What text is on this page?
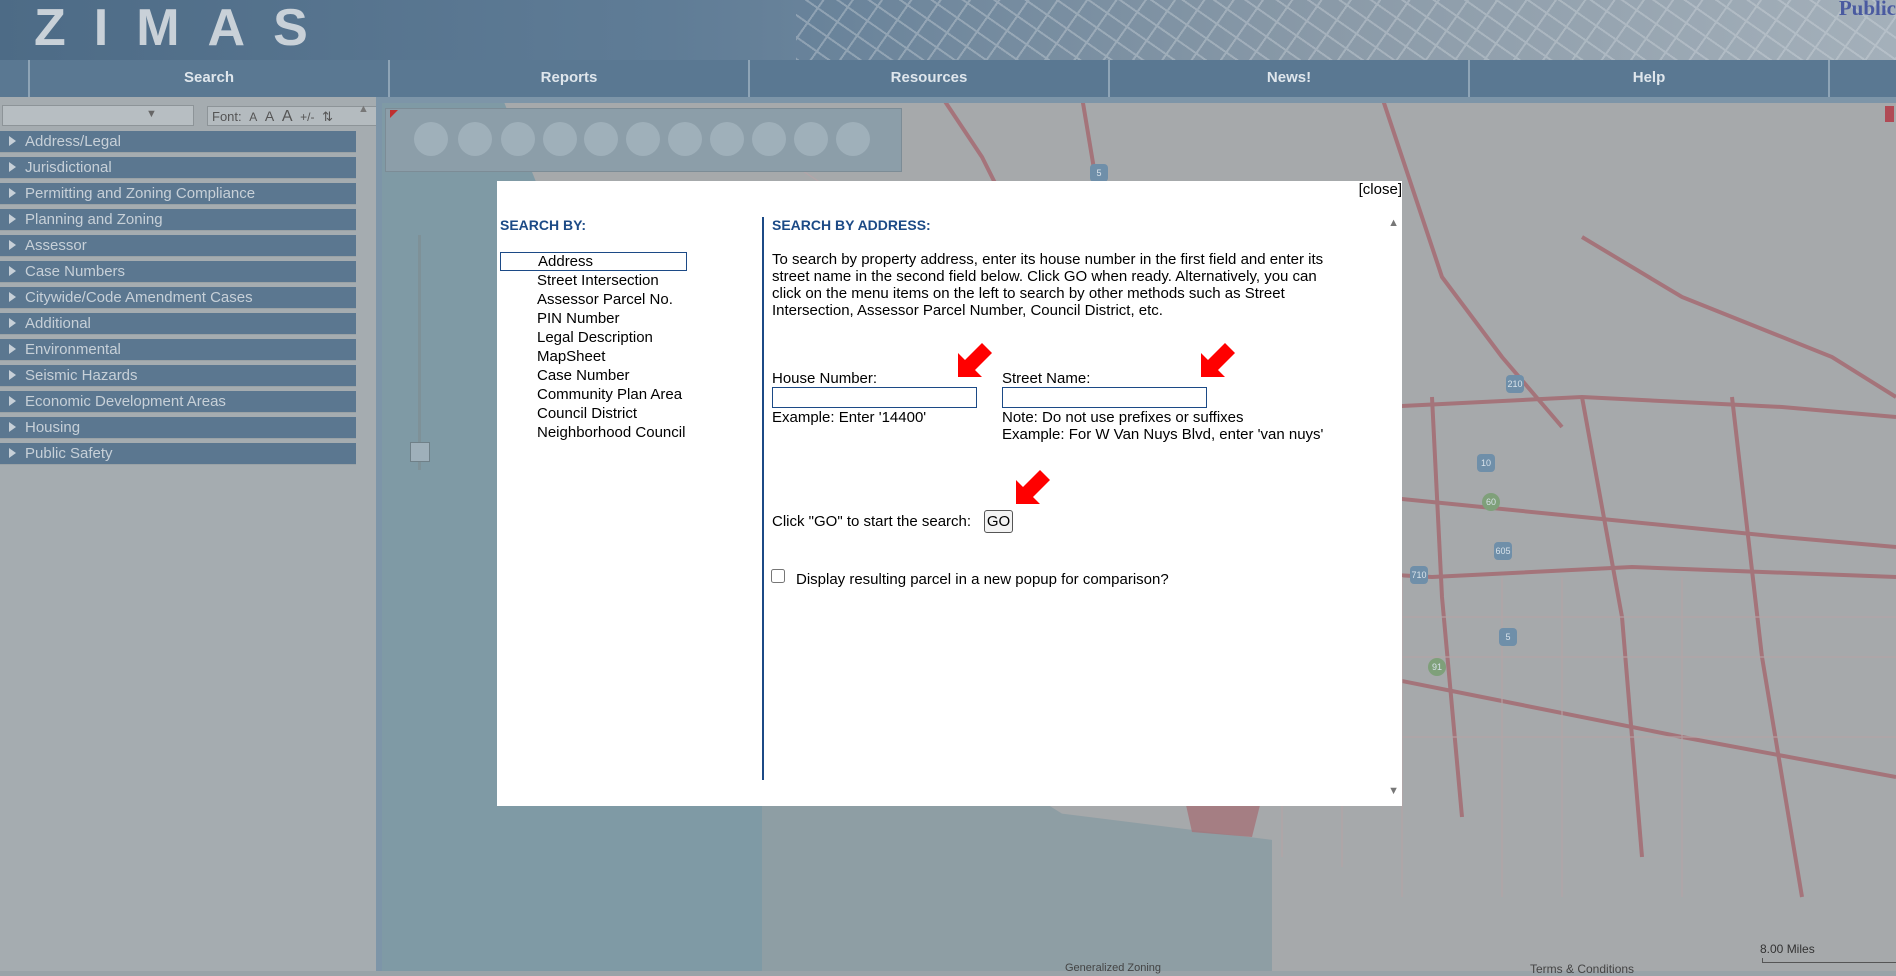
ZIMAS	Public
Search	Reports	Resources	News!	Help
▼	Font: A A A +/- ⇅	▲
Address/Legal
Jurisdictional
Permitting and Zoning Compliance
Planning and Zoning
Assessor
Case Numbers
Citywide/Code Amendment Cases
Additional
Environmental
Seismic Hazards
Economic Development Areas
Housing
Public Safety
5
210
10
605
710
5
91
60
8.00 Miles
Generalized Zoning	Terms & Conditions
[close]
SEARCH BY:
Address
Street Intersection
Assessor Parcel No.
PIN Number
Legal Description
MapSheet
Case Number
Community Plan Area
Council District
Neighborhood Council
SEARCH BY ADDRESS:
To search by property address, enter its house number in the first field and enter its street name in the second field below. Click GO when ready. Alternatively, you can click on the menu items on the left to search by other methods such as Street Intersection, Assessor Parcel Number, Council District, etc.
House Number:
Example: Enter '14400'
Street Name:
Note: Do not use prefixes or suffixes
Example: For W Van Nuys Blvd, enter 'van nuys'
Click "GO" to start the search: GO
Display resulting parcel in a new popup for comparison?
▲
▼
